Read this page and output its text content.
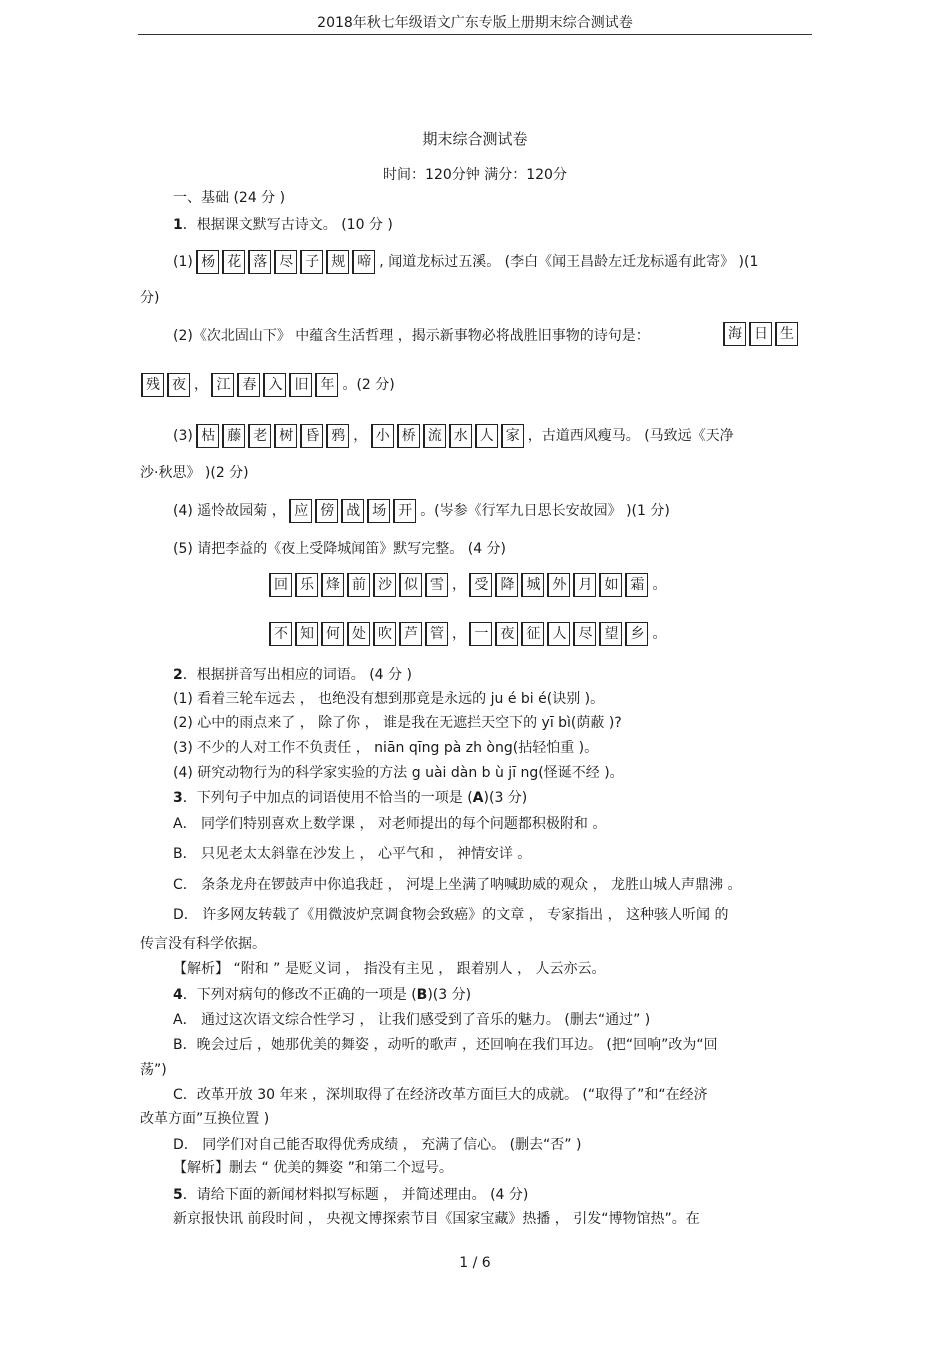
2018年秋七年级语文广东专版上册期末综合测试卷
期末综合测试卷
时间：120分钟 满分：120分
一、基础 (24 分 )
1．根据课文默写古诗文。 (10 分 )
(1) 杨 花 落 尽 子 规 啼 , 闻道龙标过五溪。 (李白《闻王昌龄左迁龙标遥有此寄》 )(1
分)
(2)《次北固山下》 中蕴含生活哲理 ，揭示新事物必将战胜旧事物的诗句是：	海 日 生
残 夜 ， 江 春 入 旧 年 。(2 分)
(3) 枯 藤 老 树 昏 鸦 ， 小 桥 流 水 人 家 ，古道西风瘦马。 (马致远《天净
沙·秋思》 )(2 分)
(4) 遥怜故园菊 ， 应 傍 战 场 开 。(岑参《行军九日思长安故园》 )(1 分)
(5) 请把李益的《夜上受降城闻笛》默写完整。 (4 分)
回 乐 烽 前 沙 似 雪 ， 受 降 城 外 月 如 霜 。
不 知 何 处 吹 芦 管 ， 一 夜 征 人 尽 望 乡 。
2．根据拼音写出相应的词语。 (4 分 )
(1) 看着三轮车远去 ， 也绝没有想到那竟是永远的 ju é bi é(诀别 )。
(2) 心中的雨点来了 ， 除了你 ， 谁是我在无遮拦天空下的 yī bì(荫蔽 )?
(3) 不少的人对工作不负责任 ， niān qīng pà zh òng(拈轻怕重 )。
(4) 研究动物行为的科学家实验的方法 g uài dàn b ù jī ng(怪诞不经 )。
3．下列句子中加点的词语使用不恰当的一项是 (A)(3 分)
A． 同学们特别喜欢上数学课 ， 对老师提出的每个问题都积极附和 。
B． 只见老太太斜靠在沙发上 ， 心平气和 ， 神情安详 。
C． 条条龙舟在锣鼓声中你追我赶 ， 河堤上坐满了呐喊助威的观众 ， 龙胜山城人声鼎沸 。
D． 许多网友转载了《用微波炉烹调食物会致癌》的文章 ， 专家指出 ， 这种骇人听闻 的
传言没有科学依据。
【解析】 “附和 ” 是贬义词 ， 指没有主见 ， 跟着别人 ， 人云亦云。
4．下列对病句的修改不正确的一项是 (B)(3 分)
A． 通过这次语文综合性学习 ， 让我们感受到了音乐的魅力。 (删去“通过” )
B．晚会过后 ，她那优美的舞姿 ，动听的歌声 ，还回响在我们耳边。 (把“回响”改为“回
荡”)
C．改革开放 30 年来 ，深圳取得了在经济改革方面巨大的成就。 (“取得了”和“在经济
改革方面”互换位置 )
D． 同学们对自己能否取得优秀成绩 ， 充满了信心。 (删去“否” )
【解析】删去 “ 优美的舞姿 ”和第二个逗号。
5．请给下面的新闻材料拟写标题 ， 并简述理由。 (4 分)
新京报快讯 前段时间 ， 央视文博探索节目《国家宝藏》热播 ， 引发“博物馆热”。在
1 / 6
